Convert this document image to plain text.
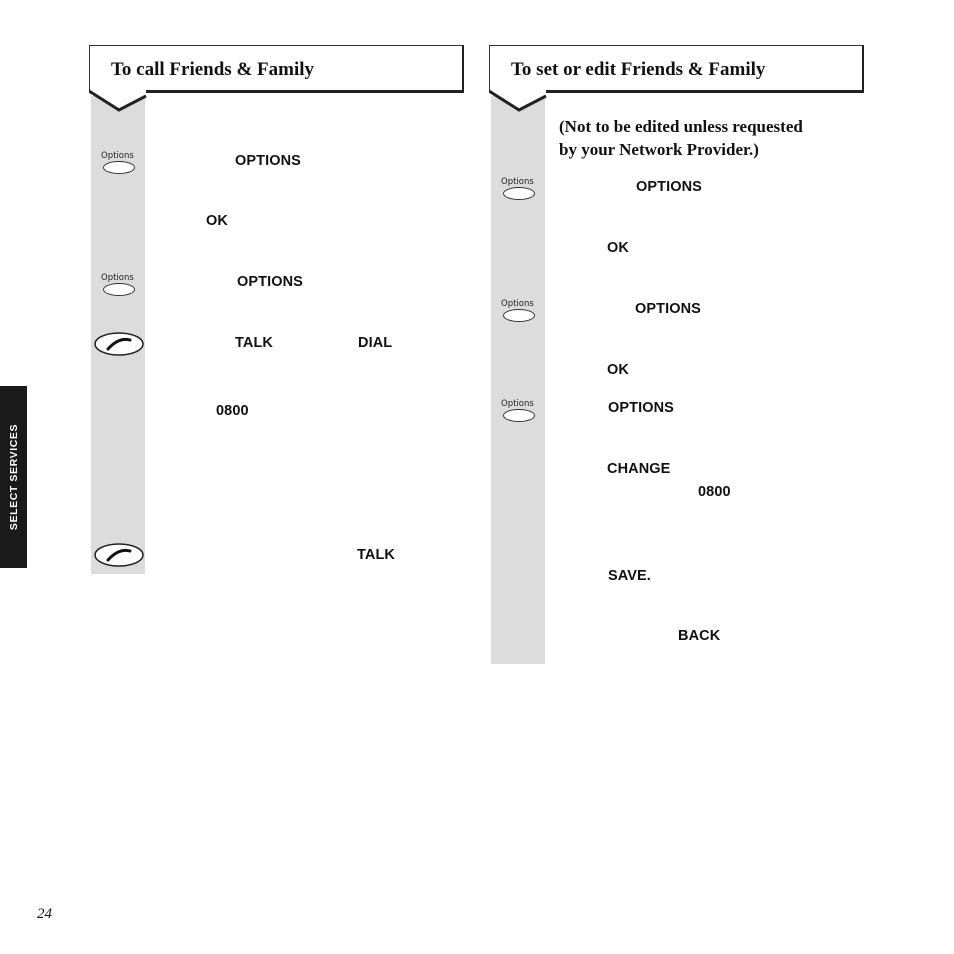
To call Friends & Family
Options	OPTIONS
OK
Options	OPTIONS
TALK	DIAL
0800
TALK
To set or edit Friends & Family
(Not to be edited unless requested
by your Network Provider.)
Options	OPTIONS
OK
Options	OPTIONS
OK
Options	OPTIONS
CHANGE
0800
SAVE.
BACK
SELECT SERVICES
24
